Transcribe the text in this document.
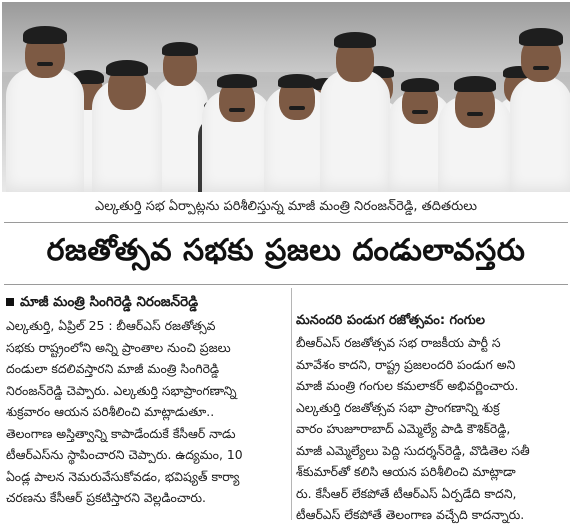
ఎల్కతుర్తి సభ ఏర్పాట్లను పరిశీలిస్తున్న మాజీ మంత్రి నిరంజన్‌రెడ్డి, తదితరులు
రజతోత్సవ సభకు ప్రజలు దండులావస్తరు
మాజీ మంత్రి సింగిరెడ్డి నిరంజన్‌రెడ్డి
ఎల్కతుర్తి, ఏప్రిల్ 25 : బీఆర్ఎస్ రజతోత్సవ
సభకు రాష్ట్రంలోని అన్ని ప్రాంతాల నుంచి ప్రజలు
దండులా కదలివస్తారని మాజీ మంత్రి సింగిరెడ్డి
నిరంజన్‌రెడ్డి చెప్పారు. ఎల్కతుర్తి సభాప్రాంగణాన్ని
శుక్రవారం ఆయన పరిశీలించి మాట్లాడుతూ..
తెలంగాణ అస్తిత్వాన్ని కాపాడేందుకే కేసీఆర్ నాడు
టీఆర్ఎస్‌ను స్థాపించారని చెప్పారు. ఉద్యమం, 10
ఏండ్ల పాలన నెమరువేసుకోవడం, భవిష్యత్ కార్యా
చరణను కేసీఆర్ ప్రకటిస్తారని వెల్లడించారు.
మనందరి పండుగ రజోత్సవం: గంగుల
బీఆర్ఎస్ రజతోత్సవ సభ రాజకీయ పార్టీ స
మావేశం కాదని, రాష్ట్ర ప్రజలందరి పండుగ అని
మాజీ మంత్రి గంగుల కమలాకర్ అభివర్ణించారు.
ఎల్కతుర్తి రజతోత్సవ సభా ప్రాంగణాన్ని శుక్ర
వారం హుజూరాబాద్ ఎమ్మెల్యే పాడి కౌశిక్‌రెడ్డి,
మాజీ ఎమ్మెల్యేలు పెద్ది సుదర్శన్‌రెడ్డి, వొడితెల సతీ
శ్‌కుమార్‌తో కలిసి ఆయన పరిశీలించి మాట్లాడా
రు. కేసీఆర్ లేకపోతే టీఆర్ఎస్ ఏర్పడేది కాదని,
టీఆర్ఎస్ లేకపోతే తెలంగాణ వచ్చేది కాదన్నారు.
